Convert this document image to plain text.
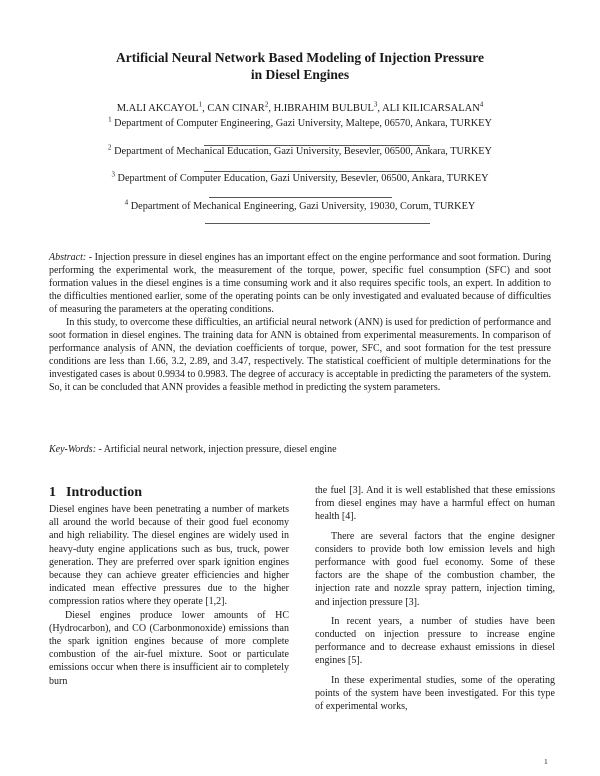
Artificial Neural Network Based Modeling of Injection Pressure
in Diesel Engines
M.ALI AKCAYOL$^1$, CAN CINAR$^2$, H.IBRAHIM BULBUL$^3$, ALI KILICARSALAN$^4$
$^1$ Department of Computer Engineering, Gazi University, Maltepe, 06570, Ankara, TURKEY
$^2$ Department of Mechanical Education, Gazi University, Besevler, 06500, Ankara, TURKEY
$^3$ Department of Computer Education, Gazi University, Besevler, 06500, Ankara, TURKEY
$^4$ Department of Mechanical Engineering, Gazi University, 19030, Corum, TURKEY

Abstract: - Injection pressure in diesel engines has an important effect on the engine performance and soot formation. During performing the experimental work, the measurement of the torque, power, specific fuel consumption (SFC) and soot formation values in the diesel engines is a time consuming work and it also requires specific tools, an expert. In addition to the difficulties mentioned earlier, some of the operating points can be only investigated and evaluated because of difficulties of measuring the parameters at the operating conditions.

In this study, to overcome these difficulties, an artificial neural network (ANN) is used for prediction of performance and soot formation in diesel engines. The training data for ANN is obtained from experimental measurements. In comparison of performance analysis of ANN, the deviation coefficients of torque, power, SFC, and soot formation for the test pressure conditions are less than 1.66, 3.2, 2.89, and 3.47, respectively. The statistical coefficient of multiple determinations for the investigated cases is about 0.9934 to 0.9983. The degree of accuracy is acceptable in predicting the parameters of the system. So, it can be concluded that ANN provides a feasible method in predicting the system parameters.

Key-Words: - Artificial neural network, injection pressure, diesel engine
1 Introduction

Diesel engines have been penetrating a number of markets all around the world because of their good fuel economy and high reliability. The diesel engines are widely used in heavy-duty engine applications such as bus, truck, power generation. They are preferred over spark ignition engines because they can achieve greater efficiencies and higher indicated mean effective pressures due to the higher compression ratios where they operate [1,2].

Diesel engines produce lower amounts of HC (Hydrocarbon), and CO (Carbonmonoxide) emissions than the spark ignition engines because of more complete combustion of the air-fuel mixture. Soot or particulate emissions occur when there is insufficient air to completely burn

the fuel [3]. And it is well established that these emissions from diesel engines may have a harmful effect on human health [4].

There are several factors that the engine designer considers to provide both low emission levels and high performance with good fuel economy. Some of these factors are the shape of the combustion chamber, the injection rate and nozzle spray pattern, injection timing, and injection pressure [3].

In recent years, a number of studies have been conducted on injection pressure to increase engine performance and to decrease exhaust emissions in diesel engines [5].

In these experimental studies, some of the operating points of the system have been investigated. For this type of experimental works,

1
